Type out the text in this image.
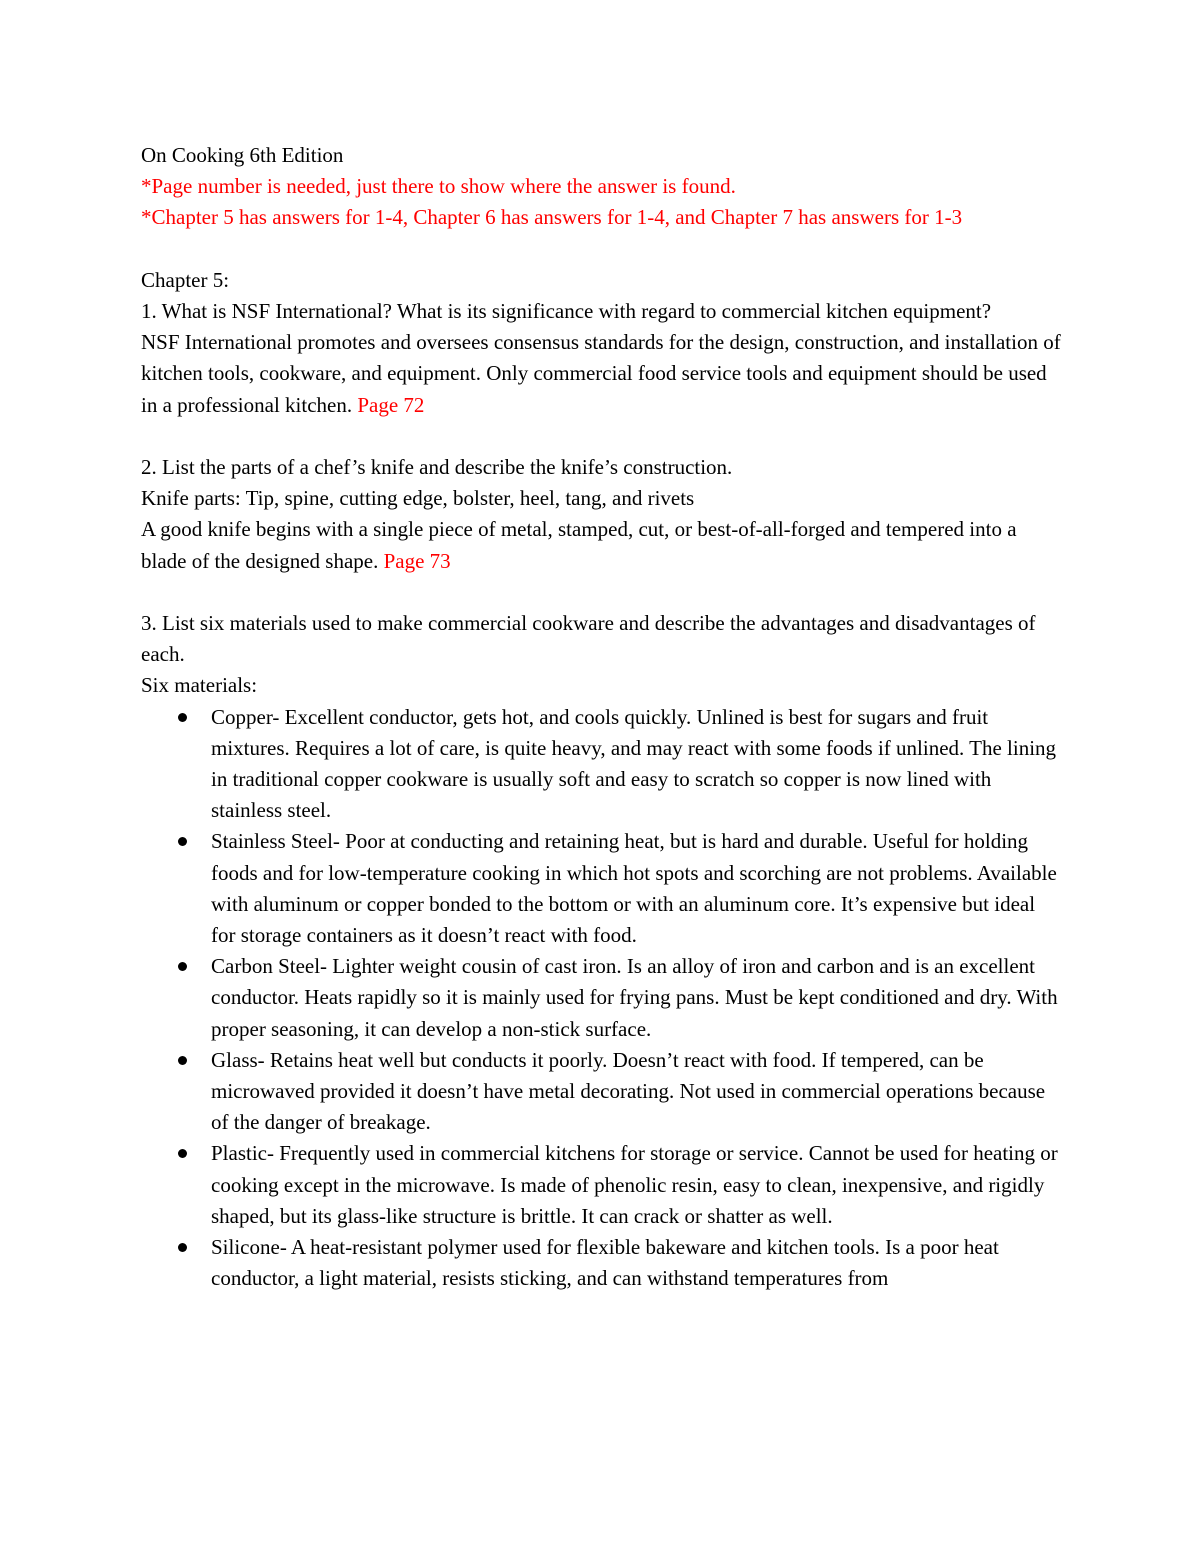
On Cooking 6th Edition

*Page number is needed, just there to show where the answer is found.

*Chapter 5 has answers for 1-4, Chapter 6 has answers for 1-4, and Chapter 7 has answers for 1-3

Chapter 5:

1. What is NSF International? What is its significance with regard to commercial kitchen equipment?

NSF International promotes and oversees consensus standards for the design, construction, and installation of kitchen tools, cookware, and equipment. Only commercial food service tools and equipment should be used in a professional kitchen. Page 72

2. List the parts of a chef’s knife and describe the knife’s construction.

Knife parts: Tip, spine, cutting edge, bolster, heel, tang, and rivets

A good knife begins with a single piece of metal, stamped, cut, or best-of-all-forged and tempered into a blade of the designed shape. Page 73

3. List six materials used to make commercial cookware and describe the advantages and disadvantages of each.

Six materials:

Copper- Excellent conductor, gets hot, and cools quickly. Unlined is best for sugars and fruit mixtures. Requires a lot of care, is quite heavy, and may react with some foods if unlined. The lining in traditional copper cookware is usually soft and easy to scratch so copper is now lined with stainless steel.
Stainless Steel- Poor at conducting and retaining heat, but is hard and durable. Useful for holding foods and for low-temperature cooking in which hot spots and scorching are not problems. Available with aluminum or copper bonded to the bottom or with an aluminum core. It’s expensive but ideal for storage containers as it doesn’t react with food.
Carbon Steel- Lighter weight cousin of cast iron. Is an alloy of iron and carbon and is an excellent conductor. Heats rapidly so it is mainly used for frying pans. Must be kept conditioned and dry. With proper seasoning, it can develop a non-stick surface.
Glass- Retains heat well but conducts it poorly. Doesn’t react with food. If tempered, can be microwaved provided it doesn’t have metal decorating. Not used in commercial operations because of the danger of breakage.
Plastic- Frequently used in commercial kitchens for storage or service. Cannot be used for heating or cooking except in the microwave. Is made of phenolic resin, easy to clean, inexpensive, and rigidly shaped, but its glass-like structure is brittle. It can crack or shatter as well.
Silicone- A heat-resistant polymer used for flexible bakeware and kitchen tools. Is a poor heat conductor, a light material, resists sticking, and can withstand temperatures from
